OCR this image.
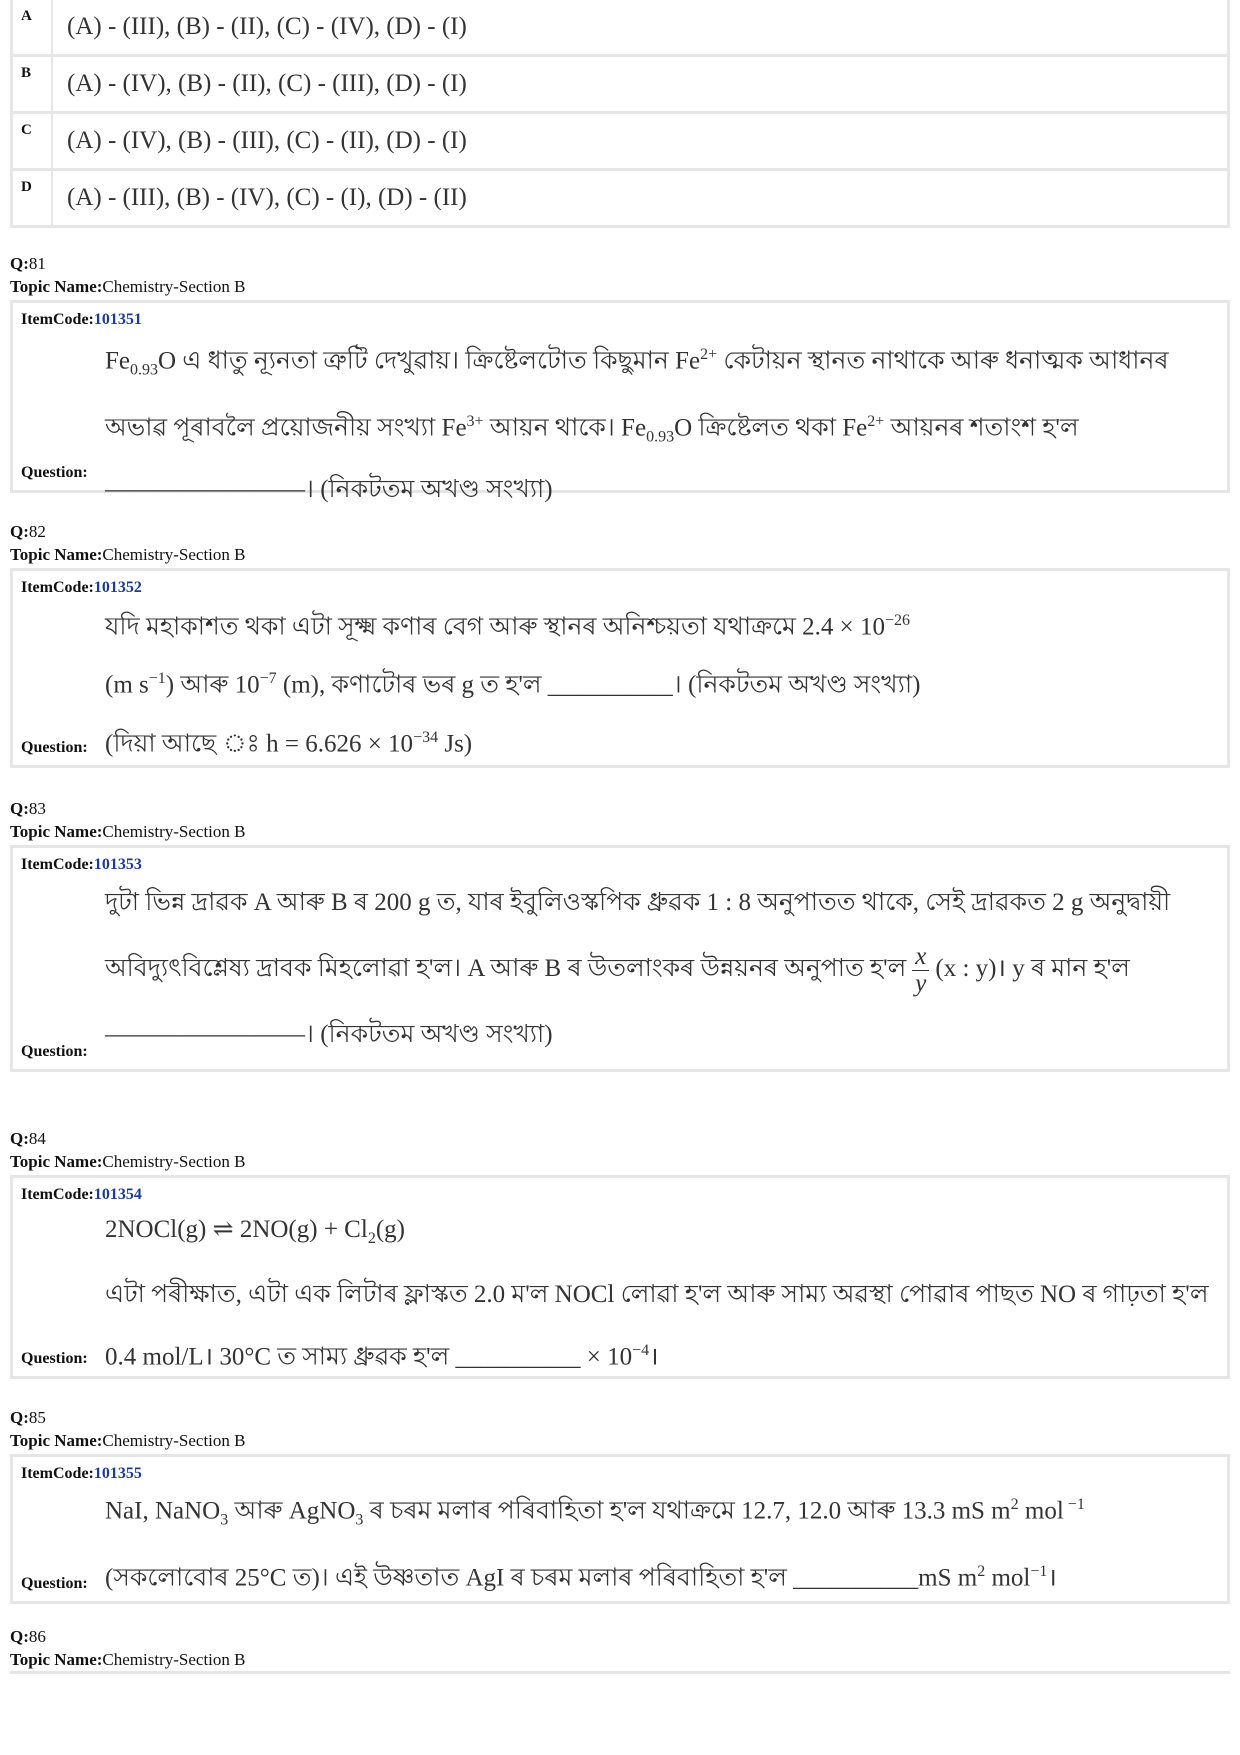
A	(A) - (III), (B) - (II), (C) - (IV), (D) - (I)
B	(A) - (IV), (B) - (II), (C) - (III), (D) - (I)
C	(A) - (IV), (B) - (III), (C) - (II), (D) - (I)
D	(A) - (III), (B) - (IV), (C) - (I), (D) - (II)
Q:81
Topic Name:Chemistry-Section B
ItemCode:101351

$Fe_{0.93}O$ এ ধাতু ন্যূনতা ত্ৰুটি দেখুৱায়। ক্ৰিষ্টেলটোত কিছুমান $Fe^{2+}$ কেটায়ন স্থানত নাথাকে আৰু ধনাত্মক আধানৰ

অভাৱ পূৰাবলৈ প্ৰয়োজনীয় সংখ্যা $Fe^{3+}$ আয়ন থাকে। $Fe_{0.93}O$ ক্ৰিষ্টেলত থকা $Fe^{2+}$ আয়নৰ শতাংশ হ'ল

————————। (নিকটতম অখণ্ড সংখ্যা)

Question:
Q:82
Topic Name:Chemistry-Section B
ItemCode:101352

যদি মহাকাশত থকা এটা সূক্ষ্ম কণাৰ বেগ আৰু স্থানৰ অনিশ্চয়তা যথাক্ৰমে $2.4 \times 10^{-26}$

(m $s^{-1}$) আৰু $10^{-7}$ (m), কণাটোৰ ভৰ g ত হ'ল __________। (নিকটতম অখণ্ড সংখ্যা)

(দিয়া আছে ঃ $h = 6.626 \times 10^{-34}$ Js)

Question:
Q:83
Topic Name:Chemistry-Section B
ItemCode:101353

দুটা ভিন্ন দ্ৰাৱক A আৰু B ৰ 200 g ত, যাৰ ইবুলিওস্কপিক ধ্ৰুৱক 1 : 8 অনুপাতত থাকে, সেই দ্ৰাৱকত 2 g অনুদ্বায়ী

অবিদ্যুৎবিশ্লেষ্য দ্ৰাবক মিহলোৱা হ'ল। A আৰু B ৰ উতলাংকৰ উন্নয়নৰ অনুপাত হ'ল $\frac{x}{y} (x$ : y)। y ৰ মান হ'ল

————————। (নিকটতম অখণ্ড সংখ্যা)

Question:
Q:84
Topic Name:Chemistry-Section B
ItemCode:101354

2NOCl(g) ⇌ $2NO(g) + Cl_2(g)$

এটা পৰীক্ষাত, এটা এক লিটাৰ ফ্লাস্কত 2.0 ম'ল NOCl লোৱা হ'ল আৰু সাম্য অৱস্থা পোৱাৰ পাছত NO ৰ গাঢ়তা হ'ল

0.4 mol/L। 30°C ত সাম্য ধ্ৰুৱক হ'ল __________ × $10^{-4}।$

Question:
Q:85
Topic Name:Chemistry-Section B
ItemCode:101355

NaI, NaNO$_3$ আৰু AgNO$_3$ ৰ চৰম মলাৰ পৰিবাহিতা হ'ল যথাক্ৰমে 12.7, 12.0 আৰু 13.3 mS $m^2$ mol $^{-1}$

(সকলোবোৰ 25°C ত)। এই উষ্ণতাত AgI ৰ চৰম মলাৰ পৰিবাহিতা হ'ল __________mS $m^2$ mol$^{-1}$।

Question:
Q:86
Topic Name:Chemistry-Section B
